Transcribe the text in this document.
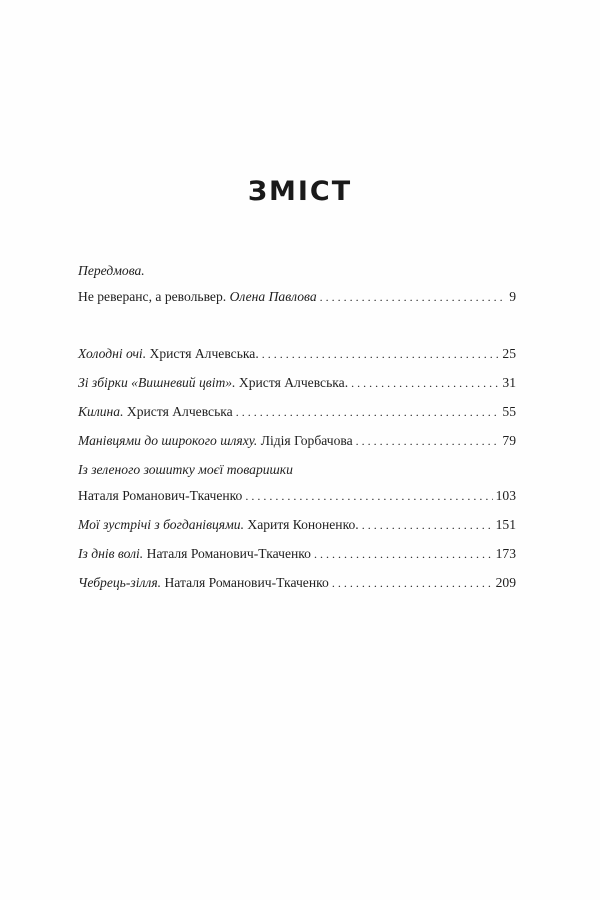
ЗМІСТ
Передмова.
Не реверанс, а револьвер. Олена Павлова . . .	9
Холодні очі. Христя Алчевська. . . .	25
Зі збірки «Вишневий цвіт». Христя Алчевська. . . .	31
Килина. Христя Алчевська . . .	55
Манівцями до широкого шляху. Лідія Горбачова . . .	79
Із зеленого зошитку моєї товаришки
Наталя Романович-Ткаченко . . .	103
Мої зустрічі з богданівцями. Харитя Кононенко. . . .	151
Із днів волі. Наталя Романович-Ткаченко . . .	173
Чебрець-зілля. Наталя Романович-Ткаченко . . .	209
